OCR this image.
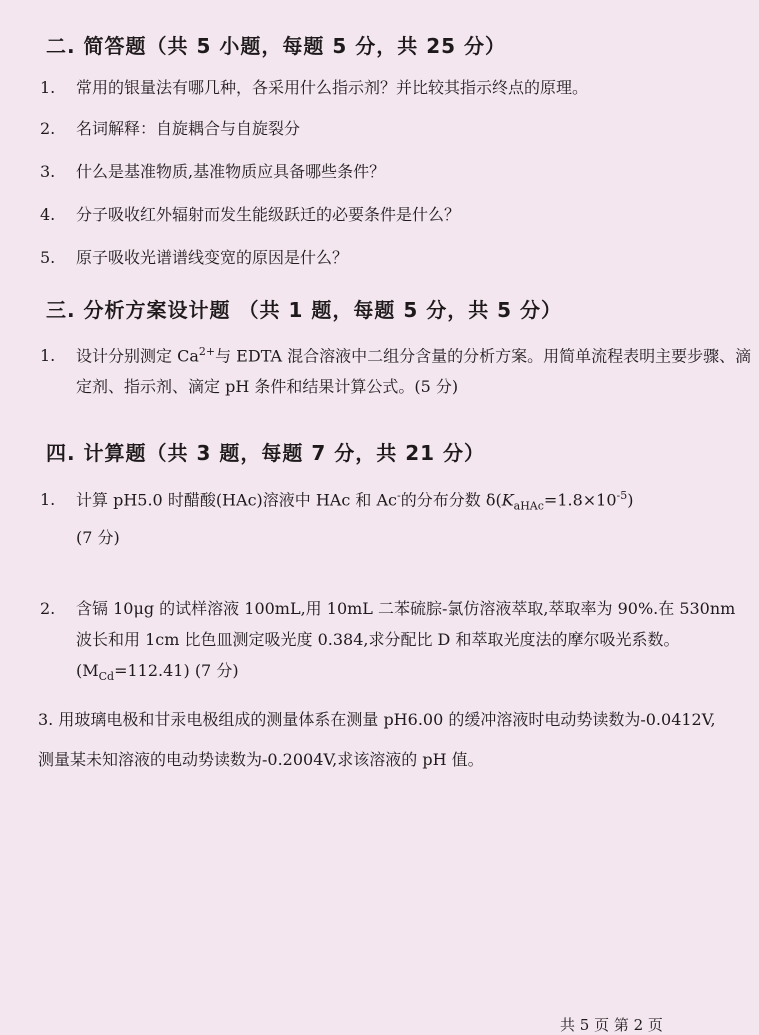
二. 简答题（共 5 小题，每题 5 分，共 25 分）
1. 常用的银量法有哪几种，各采用什么指示剂？并比较其指示终点的原理。
2. 名词解释：自旋耦合与自旋裂分
3. 什么是基准物质,基准物质应具备哪些条件？
4. 分子吸收红外辐射而发生能级跃迁的必要条件是什么？
5. 原子吸收光谱谱线变宽的原因是什么？
三. 分析方案设计题 （共 1 题，每题 5 分，共 5 分）
1. 设计分别测定 $Ca^{2+}$与 EDTA 混合溶液中二组分含量的分析方案。用简单流程表明主要步骤、滴定剂、指示剂、滴定 pH 条件和结果计算公式。(5 分)
四. 计算题（共 3 题，每题 7 分，共 21 分）
1. 计算 pH5.0 时醋酸(HAc)溶液中 HAc 和 Ac-的分布分数 $\delta(K_{aHAc}=1.8\times 10^{-5})$
(7 分)
2. 含镉 10μg 的试样溶液 100mL,用 10mL 二苯硫腙-氯仿溶液萃取,萃取率为 90%.在 530nm 波长和用 1cm 比色皿测定吸光度 0.384,求分配比 D 和萃取光度法的摩尔吸光系数。$(M_{Cd}=112.41)$ (7 分)
3. 用玻璃电极和甘汞电极组成的测量体系在测量 pH6.00 的缓冲溶液时电动势读数为-0.0412V, 测量某未知溶液的电动势读数为-0.2004V,求该溶液的 pH 值。
共 5 页 第 2 页
